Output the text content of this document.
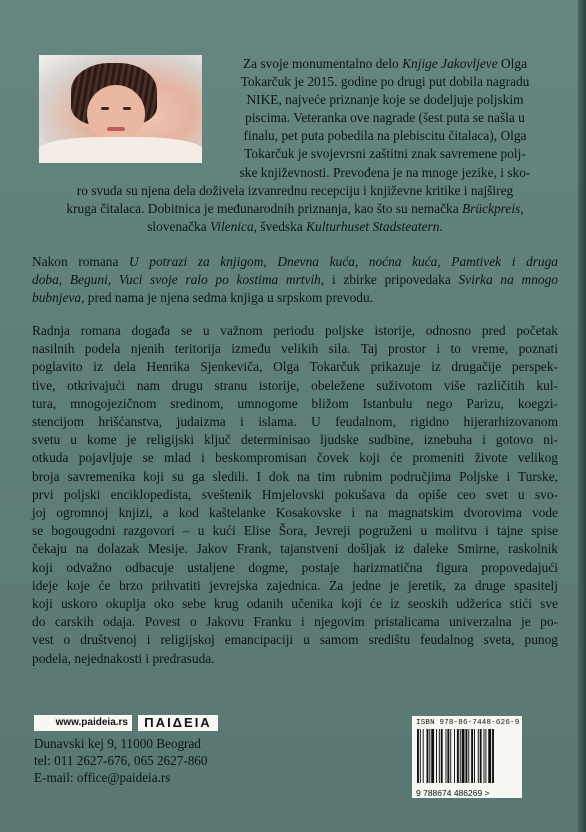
Za svoje monumentalno delo Knjige Jakovljeve Olga
Tokarčuk je 2015. godine po drugi put dobila nagradu
NIKE, najveće priznanje koje se dodeljuje poljskim
piscima. Veteranka ove nagrade (šest puta se našla u
finalu, pet puta pobedila na plebiscitu čitalaca), Olga
Tokarčuk je svojevrsni zaštitni znak savremene polj-
ske književnosti. Prevođena je na mnoge jezike, i sko-
ro svuda su njena dela doživela izvanrednu recepciju i književne kritike i najšireg
kruga čitalaca. Dobitnica je međunarodnih priznanja, kao što su nemačka Brückpreis,
slovenačka Vilenica, švedska Kulturhuset Stadsteatern.
Nakon romana U potrazi za knjigom, Dnevna kuća, noćna kuća, Pamtivek i druga
doba, Beguni, Vuci svoje ralo po kostima mrtvih, i zbirke pripovedaka Svirka na mnogo
bubnjeva, pred nama je njena sedma knjiga u srpskom prevodu.
Radnja romana događa se u važnom periodu poljske istorije, odnosno pred početak
nasilnih podela njenih teritorija između velikih sila. Taj prostor i to vreme, poznati
poglavito iz dela Henrika Sjenkeviča, Olga Tokarčuk prikazuje iz drugačije perspek-
tive, otkrivajući nam drugu stranu istorije, obeležene suživotom više različitih kul-
tura, mnogojezičnom sredinom, umnogome bližom Istanbulu nego Parizu, koegzi-
stencijom hrišćanstva, judaizma i islama. U feudalnom, rigidno hijerarhizovanom
svetu u kome je religijski ključ determinisao ljudske sudbine, iznebuha i gotovo ni-
otkuda pojavljuje se mlad i beskompromisan čovek koji će promeniti živote velikog
broja savremenika koji su ga sledili. I dok na tim rubnim područjima Poljske i Turske,
prvi poljski enciklopedista, sveštenik Hmjelovski pokušava da opiše ceo svet u svo-
joj ogromnoj knjizi, a kod kaštelanke Kosakovske i na magnatskim dvorovima vode
se bogougodni razgovori – u kući Elise Šora, Jevreji pogruženi u molitvu i tajne spise
čekaju na dolazak Mesije. Jakov Frank, tajanstveni došljak iz daleke Smirne, raskolnik
koji odvažno odbacuje ustaljene dogme, postaje harizmatična figura propovedajući
ideje koje će brzo prihvatiti jevrejska zajednica. Za jedne je jeretik, za druge spasitelj
koji uskoro okuplja oko sebe krug odanih učenika koji će iz seoskih udžerica stići sve
do carskih odaja. Povest o Jakovu Franku i njegovim pristalicama univerzalna je po-
vest o društvenoj i religijskoj emancipaciji u samom središtu feudalnog sveta, punog
podela, nejednakosti i predrasuda.
www.paideia.rs	ΠΑΙΔΕΙΑ
Dunavski kej 9, 11000 Beograd
tel: 011 2627-676, 065 2627-860
E-mail: office@paideia.rs
ISBN 978-86-7448-626-9
9 788674 486269 >
